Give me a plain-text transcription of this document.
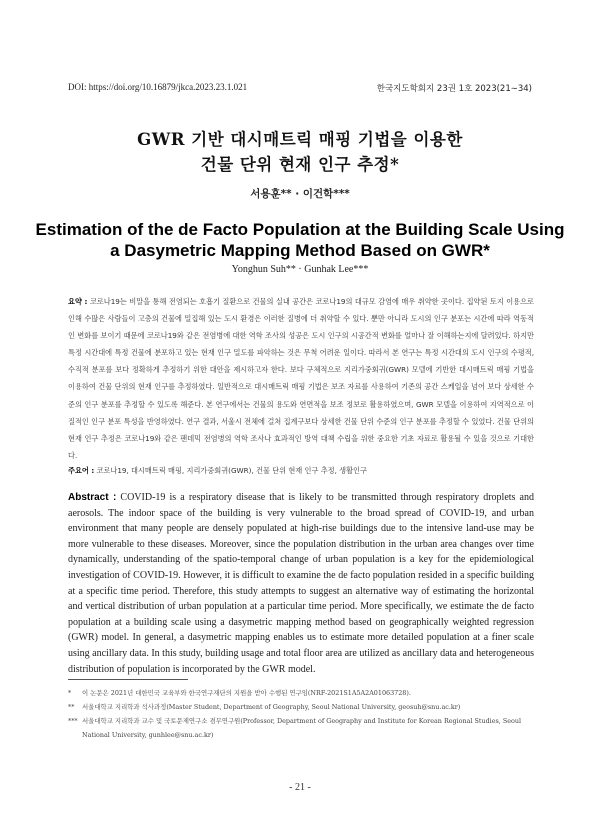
DOI: https://doi.org/10.16879/jkca.2023.23.1.021	한국지도학회지 23권 1호 2023(21∼34)
GWR 기반 대시매트릭 매핑 기법을 이용한
건물 단위 현재 인구 추정*
서용훈** · 이건학***
Estimation of the de Facto Population at the Building Scale Using
a Dasymetric Mapping Method Based on GWR*
Yonghun Suh** · Gunhak Lee***

요약 : 코로나19는 비말을 통해 전염되는 호흡기 질환으로 건물의 실내 공간은 코로나19의 대규모 감염에 매우 취약한 곳이다. 집약된 토지 이용으로 인해 수많은 사람들이 고층의 건물에 밀집해 있는 도시 환경은 이러한 질병에 더 취약할 수 있다. 뿐만 아니라 도시의 인구 분포는 시간에 따라 역동적인 변화를 보이기 때문에 코로나19와 같은 전염병에 대한 역학 조사의 성공은 도시 인구의 시공간적 변화를 얼마나 잘 이해하는지에 달려있다. 하지만 특정 시간대에 특정 건물에 분포하고 있는 현재 인구 밀도를 파악하는 것은 무척 어려운 일이다. 따라서 본 연구는 특정 시간대의 도시 인구의 수평적, 수직적 분포를 보다 정확하게 추정하기 위한 대안을 제시하고자 한다. 보다 구체적으로 지리가중회귀(GWR) 모델에 기반한 대시매트릭 매핑 기법을 이용하여 건물 단위의 현재 인구를 추정하였다. 일반적으로 대시매트릭 매핑 기법은 보조 자료를 사용하여 기존의 공간 스케일을 넘어 보다 상세한 수준의 인구 분포를 추정할 수 있도록 해준다. 본 연구에서는 건물의 용도와 연면적을 보조 정보로 활용하였으며, GWR 모델을 이용하여 지역적으로 이질적인 인구 분포 특성을 반영하였다. 연구 결과, 서울시 전체에 걸쳐 집계구보다 상세한 건물 단위 수준의 인구 분포를 추정할 수 있었다. 건물 단위의 현재 인구 추정은 코로나19와 같은 팬데믹 전염병의 역학 조사나 효과적인 방역 대책 수립을 위한 중요한 기초 자료로 활용될 수 있을 것으로 기대한다.

주요어 : 코로나19, 대시매트릭 매핑, 지리가중회귀(GWR), 건물 단위 현재 인구 추정, 생활인구

Abstract : COVID-19 is a respiratory disease that is likely to be transmitted through respiratory droplets and aerosols. The indoor space of the building is very vulnerable to the broad spread of COVID-19, and urban environment that many people are densely populated at high-rise buildings due to the intensive land-use may be more vulnerable to these diseases. Moreover, since the population distribution in the urban area changes over time dynamically, understanding of the spatio-temporal change of urban population is a key for the epidemiological investigation of COVID-19. However, it is difficult to examine the de facto population resided in a specific building at a specific time period. Therefore, this study attempts to suggest an alternative way of estimating the horizontal and vertical distribution of urban population at a particular time period. More specifically, we estimate the de facto population at a building scale using a dasymetric mapping method based on geographically weighted regression (GWR) model. In general, a dasymetric mapping enables us to estimate more detailed population at a finer scale using ancillary data. In this study, building usage and total floor area are utilized as ancillary data and heterogeneous distribution of population is incorporated by the GWR model.

* 이 논문은 2021년 대한민국 교육부와 한국연구재단의 지원을 받아 수행된 연구임(NRF-2021S1A5A2A01063728).
** 서울대학교 지리학과 석사과정(Master Student, Department of Geography, Seoul National University, geosuh@snu.ac.kr)
*** 서울대학교 지리학과 교수 및 국토문제연구소 겸무연구원(Professor, Department of Geography and Institute for Korean Regional Studies, Seoul National University, gunhlee@snu.ac.kr)
- 21 -
